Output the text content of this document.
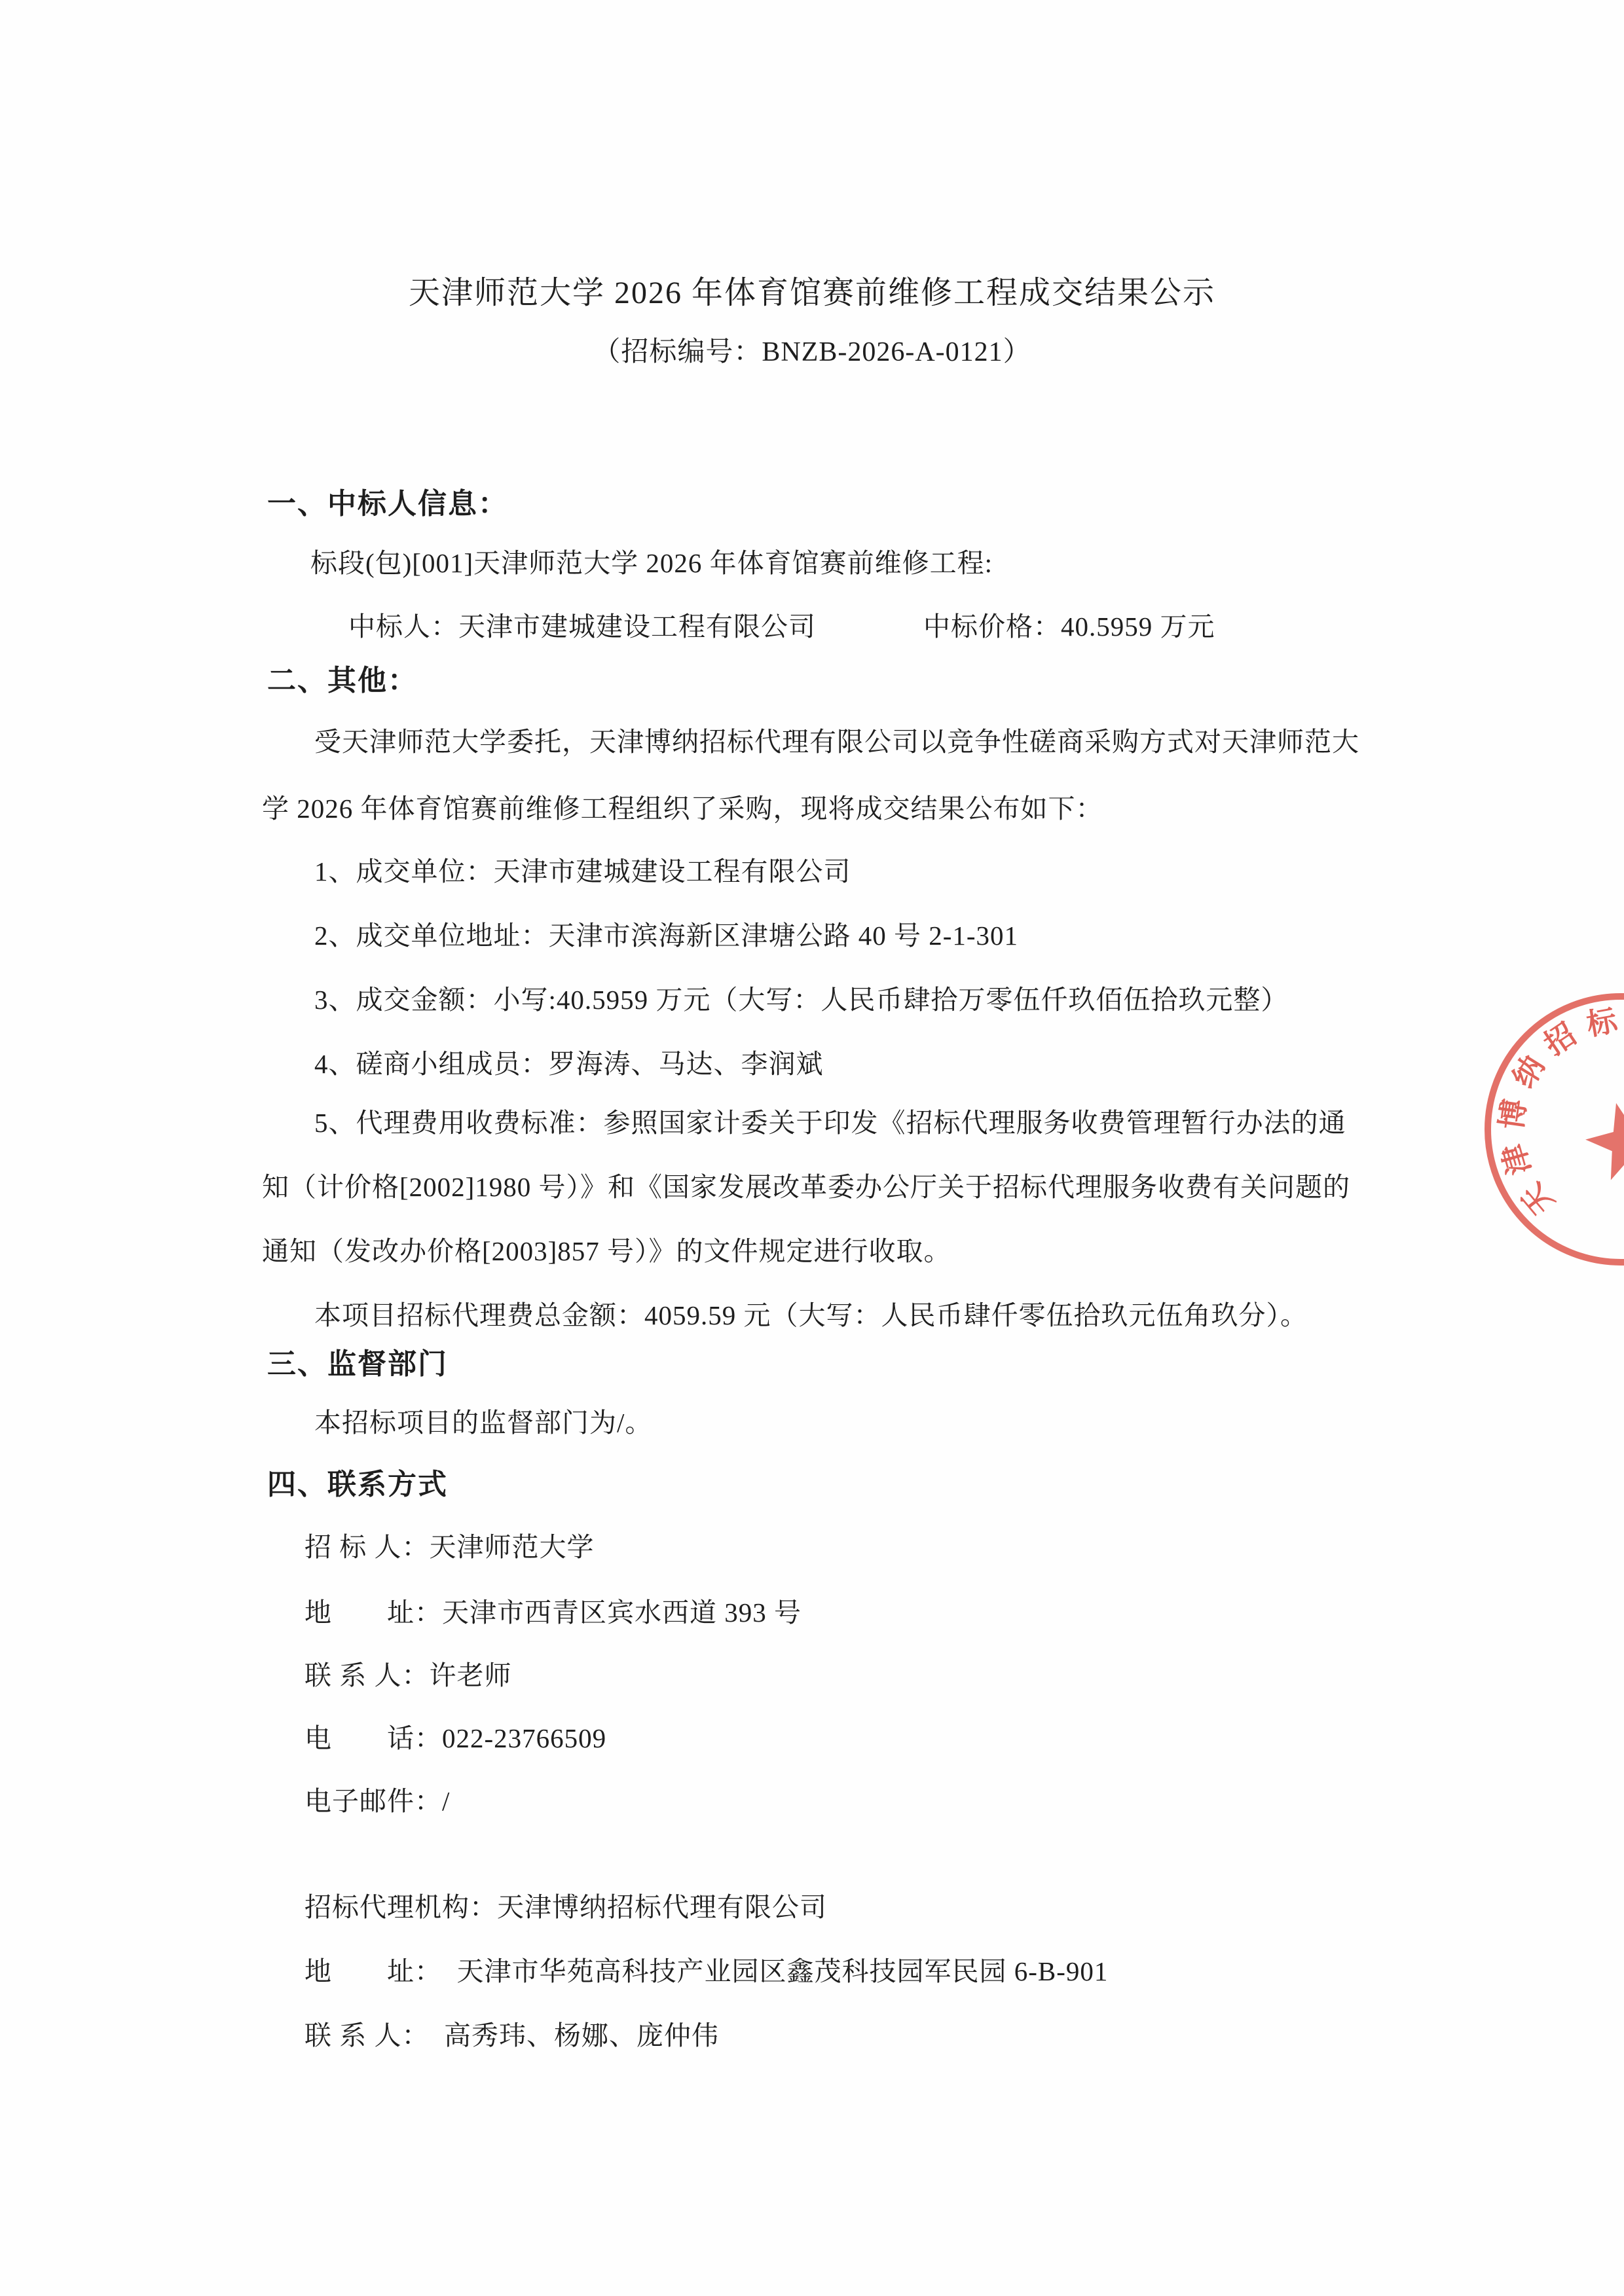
天津师范大学 2026 年体育馆赛前维修工程成交结果公示
（招标编号：BNZB-2026-A-0121）
一、中标人信息：
标段(包)[001]天津师范大学 2026 年体育馆赛前维修工程:
中标人：天津市建城建设工程有限公司	中标价格：40.5959 万元
二、其他：
受天津师范大学委托，天津博纳招标代理有限公司以竞争性磋商采购方式对天津师范大
学 2026 年体育馆赛前维修工程组织了采购，现将成交结果公布如下：
1、成交单位：天津市建城建设工程有限公司
2、成交单位地址：天津市滨海新区津塘公路 40 号 2-1-301
3、成交金额：小写:40.5959 万元（大写：人民币肆拾万零伍仟玖佰伍拾玖元整）
4、磋商小组成员：罗海涛、马达、李润斌
5、代理费用收费标准：参照国家计委关于印发《招标代理服务收费管理暂行办法的通
知（计价格[2002]1980 号）》和《国家发展改革委办公厅关于招标代理服务收费有关问题的
通知（发改办价格[2003]857 号）》的文件规定进行收取。
本项目招标代理费总金额：4059.59 元（大写：人民币肆仟零伍拾玖元伍角玖分）。
三、监督部门
本招标项目的监督部门为/。
四、联系方式
招 标 人：天津师范大学
地　　址：天津市西青区宾水西道 393 号
联 系 人：许老师
电　　话：022-23766509
电子邮件：/
招标代理机构：天津博纳招标代理有限公司
地　　址：  天津市华苑高科技产业园区鑫茂科技园军民园 6-B-901
联 系 人：  高秀玮、杨娜、庞仲伟
天
津
博
纳
招 标
